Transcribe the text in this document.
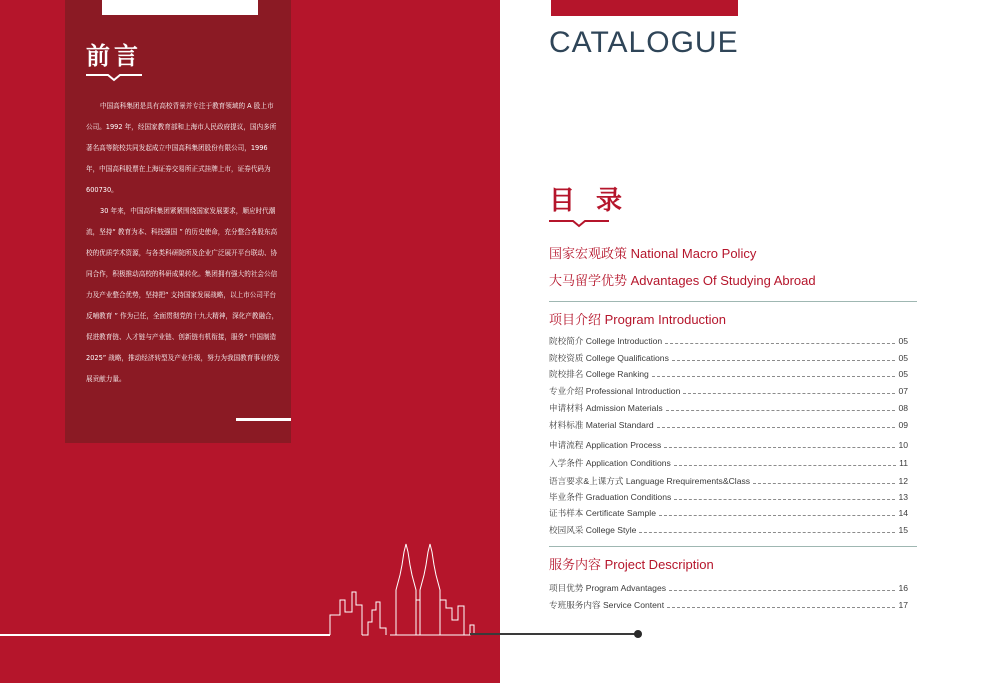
前言

中国高科集团是具有高校背景并专注于教育领域的 A 股上市公司。1992 年，经国家教育部和上海市人民政府提议，国内多所著名高等院校共同发起成立中国高科集团股份有限公司，1996 年，中国高科股票在上海证券交易所正式挂牌上市，证券代码为 600730。

30 年来，中国高科集团紧紧围绕国家发展要求，顺应时代潮流，坚持“ 教育为本、科技强国 ” 的历史使命，充分整合各股东高校的优质学术资源，与各类科研院所及企业广泛展开平台联动、协同合作，积极推动高校的科研成果转化。集团拥有强大的社会公信力及产业整合优势，坚持把“ 支持国家发展战略，以上市公司平台反哺教育 ” 作为己任，全面贯彻党的十九大精神，深化产教融合，促进教育链、人才链与产业链、创新链有机衔接，服务“ 中国制造2025” 战略，推动经济转型及产业升级，努力为我国教育事业的发展贡献力量。

CATALOGUE
目 录
国家宏观政策 National Macro Policy
大马留学优势 Advantages Of Studying Abroad
项目介绍 Program Introduction
院校简介 College Introduction	05
院校资质 College Qualifications	05
院校排名 College Ranking	05
专业介绍 Professional Introduction	07
申请材料 Admission Materials	08
材料标准 Material Standard	09
申请流程 Application Process	10
入学条件 Application Conditions	11
语言要求&上课方式 Language Rrequirements&Class	12
毕业条件 Graduation Conditions	13
证书样本 Certificate Sample	14
校园风采 College Style	15
服务内容 Project Description
项目优势 Program Advantages	16
专班服务内容 Service Content	17
